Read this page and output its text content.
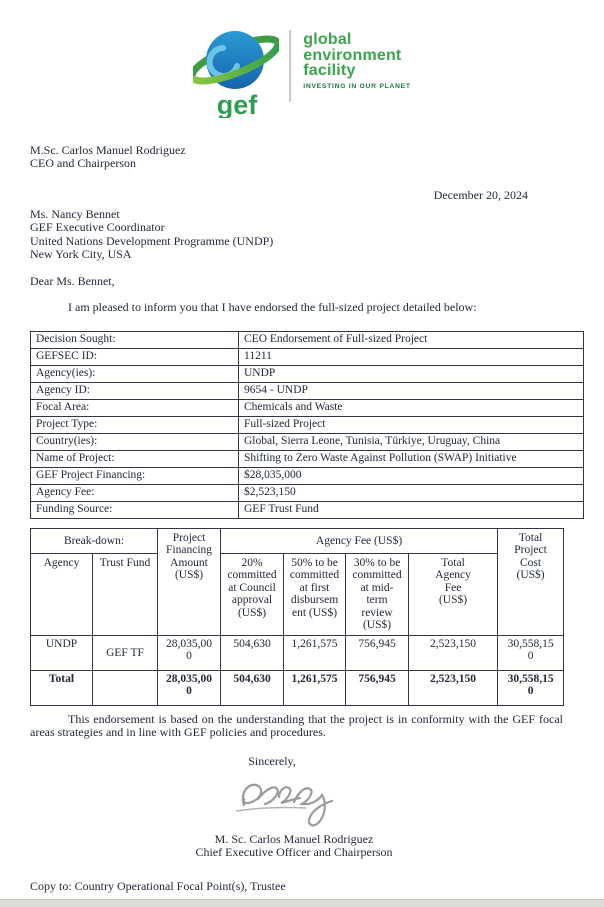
gef
global
environment
facility
INVESTING IN OUR PLANET
M.Sc. Carlos Manuel Rodriguez
CEO and Chairperson
December 20, 2024
Ms. Nancy Bennet
GEF Executive Coordinator
United Nations Development Programme (UNDP)
New York City, USA
Dear Ms. Bennet,

I am pleased to inform you that I have endorsed the full-sized project detailed below:

Decision Sought:	CEO Endorsement of Full-sized Project
GEFSEC ID:	11211
Agency(ies):	UNDP
Agency ID:	9654 - UNDP
Focal Area:	Chemicals and Waste
Project Type:	Full-sized Project
Country(ies):	Global, Sierra Leone, Tunisia, Türkiye, Uruguay, China
Name of Project:	Shifting to Zero Waste Against Pollution (SWAP) Initiative
GEF Project Financing:	$28,035,000
Agency Fee:	$2,523,150
Funding Source:	GEF Trust Fund
Break-down:		Project Financing Amount (US$)	Agency Fee (US$)				Total Project Cost (US$)

Agency	Trust Fund		20% committed at Council approval (US$)	50% to be committed at first disbursement (US$)	30% to be committed at mid-term review (US$)	Total Agency Fee (US$)	

UNDP	GEF TF	28,035,000	504,630	1,261,575	756,945	2,523,150	30,558,150
Total		28,035,000	504,630	1,261,575	756,945	2,523,150	30,558,150

This endorsement is based on the understanding that the project is in conformity with the GEF focal areas strategies and in line with GEF policies and procedures.

Sincerely,
M. Sc. Carlos Manuel Rodriguez
Chief Executive Officer and Chairperson
Copy to: Country Operational Focal Point(s), Trustee
